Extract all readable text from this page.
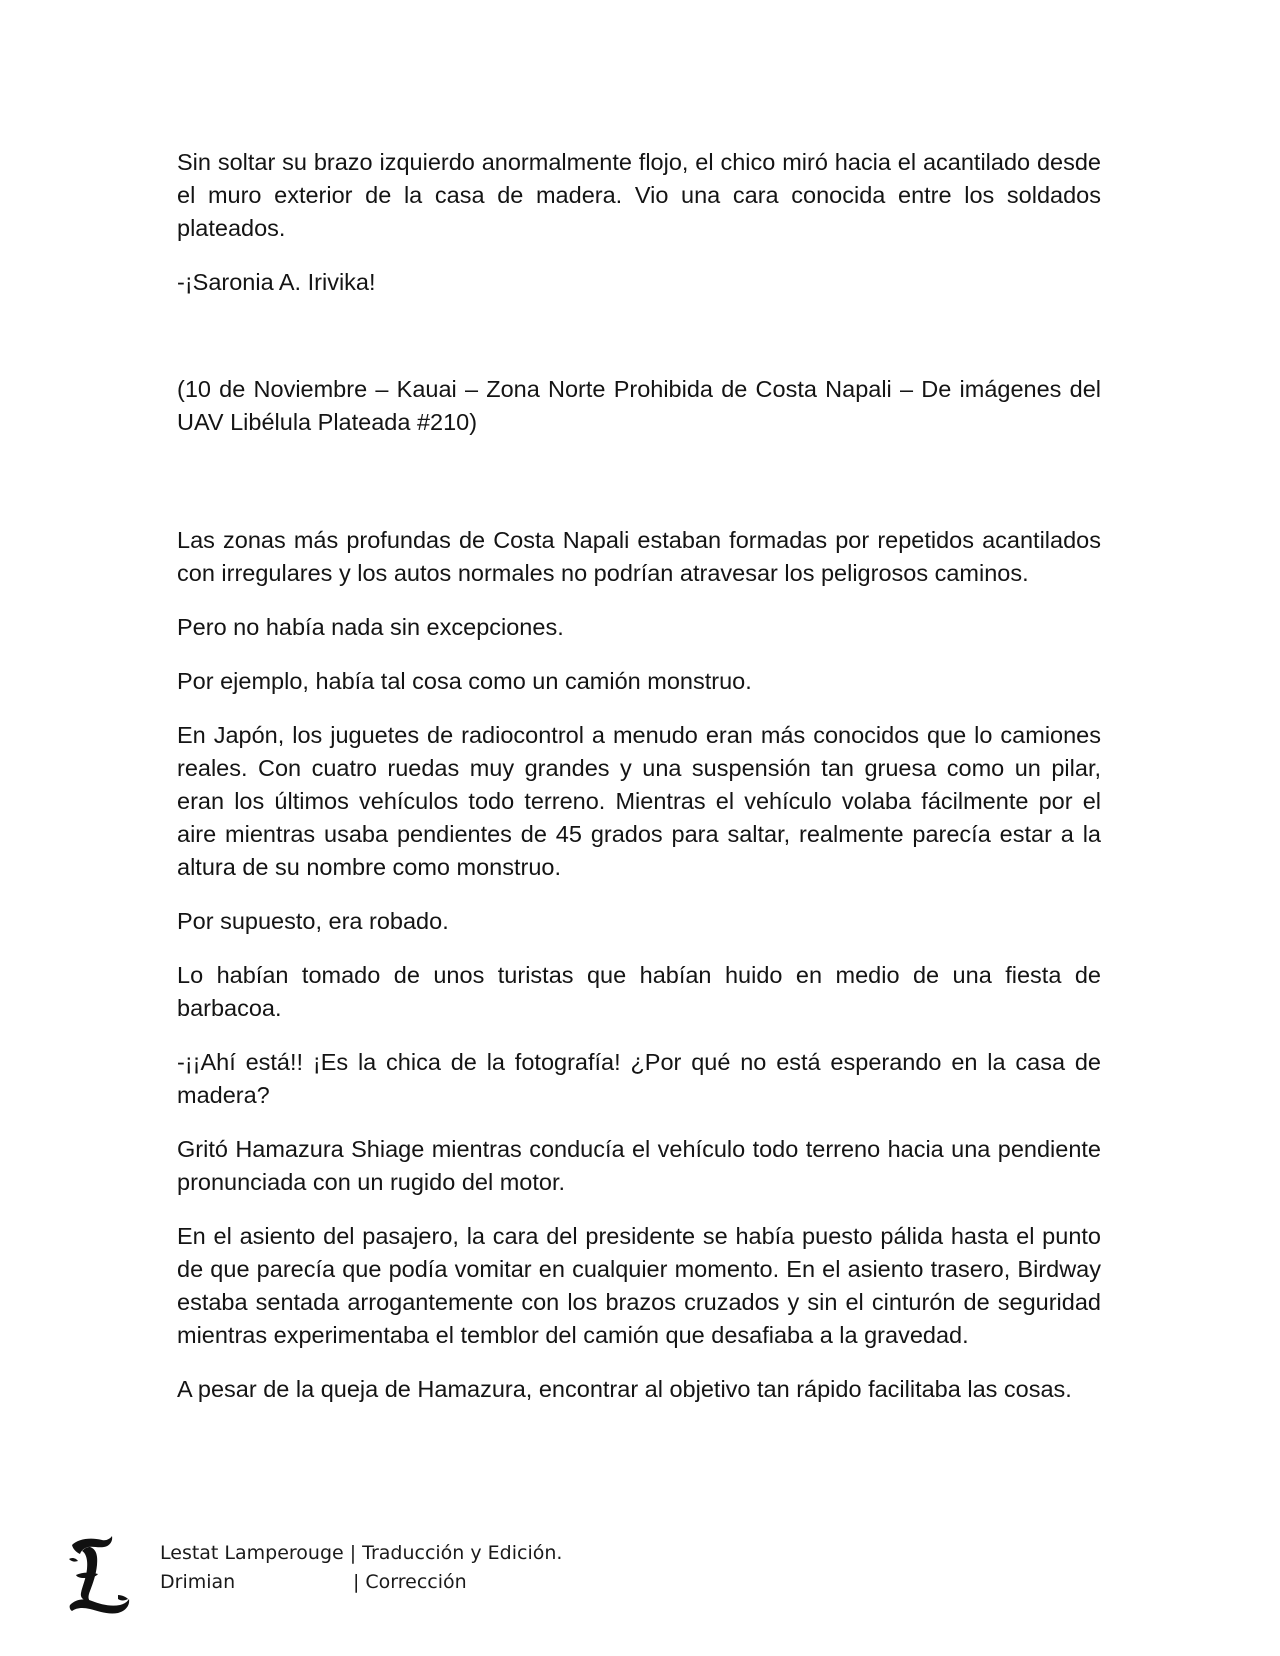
Sin soltar su brazo izquierdo anormalmente flojo, el chico miró hacia el acantilado desde el muro exterior de la casa de madera. Vio una cara conocida entre los soldados plateados.

-¡Saronia A. Irivika!

(10 de Noviembre – Kauai – Zona Norte Prohibida de Costa Napali – De imágenes del UAV Libélula Plateada #210)

Las zonas más profundas de Costa Napali estaban formadas por repetidos acantilados con irregulares y los autos normales no podrían atravesar los peligrosos caminos.

Pero no había nada sin excepciones.

Por ejemplo, había tal cosa como un camión monstruo.

En Japón, los juguetes de radiocontrol a menudo eran más conocidos que lo camiones reales. Con cuatro ruedas muy grandes y una suspensión tan gruesa como un pilar, eran los últimos vehículos todo terreno. Mientras el vehículo volaba fácilmente por el aire mientras usaba pendientes de 45 grados para saltar, realmente parecía estar a la altura de su nombre como monstruo.

Por supuesto, era robado.

Lo habían tomado de unos turistas que habían huido en medio de una fiesta de barbacoa.

-¡¡Ahí está!! ¡Es la chica de la fotografía! ¿Por qué no está esperando en la casa de madera?

Gritó Hamazura Shiage mientras conducía el vehículo todo terreno hacia una pendiente pronunciada con un rugido del motor.

En el asiento del pasajero, la cara del presidente se había puesto pálida hasta el punto de que parecía que podía vomitar en cualquier momento. En el asiento trasero, Birdway estaba sentada arrogantemente con los brazos cruzados y sin el cinturón de seguridad mientras experimentaba el temblor del camión que desafiaba a la gravedad.

A pesar de la queja de Hamazura, encontrar al objetivo tan rápido facilitaba las cosas.

Lestat Lamperouge | Traducción y Edición.
Drimian	| Corrección
